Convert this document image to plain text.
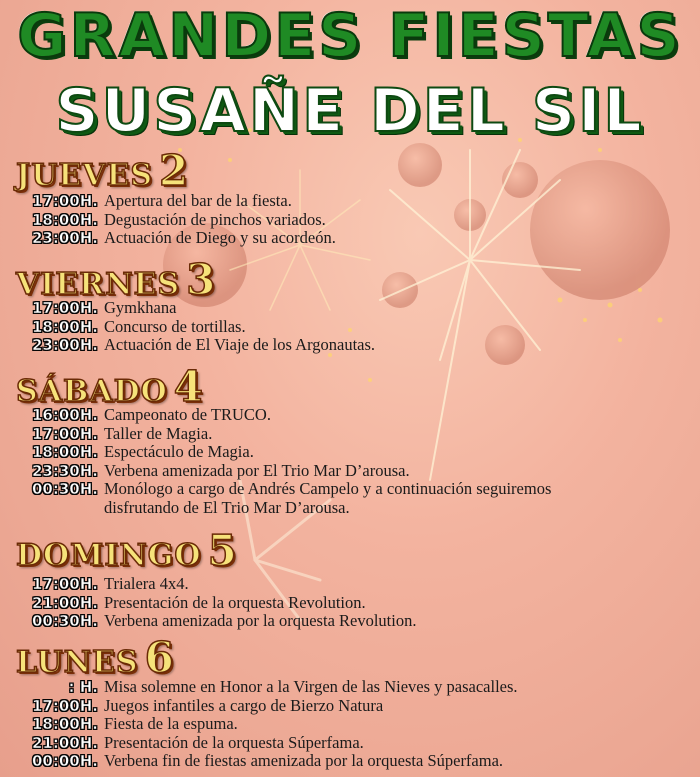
GRANDES FIESTAS
SUSAÑE DEL SIL
JUEVES 2
17:00H. Apertura del bar de la fiesta.
18:00H. Degustación de pinchos variados.
23:00H. Actuación de Diego y su acordeón.
VIERNES 3
17:00H. Gymkhana
18:00H. Concurso de tortillas.
23:00H. Actuación de El Viaje de los Argonautas.
SÁBADO 4
16:00H. Campeonato de TRUCO.
17:00H. Taller de Magia.
18:00H. Espectáculo de Magia.
23:30H. Verbena amenizada por El Trio Mar D’arousa.
00:30H. Monólogo a cargo de Andrés Campelo y a continuación seguiremos
disfrutando de El Trio Mar D’arousa.
DOMINGO 5
17:00H. Trialera 4x4.
21:00H. Presentación de la orquesta Revolution.
00:30H. Verbena amenizada por la orquesta Revolution.
LUNES 6
: H. Misa solemne en Honor a la Virgen de las Nieves y pasacalles.
17:00H. Juegos infantiles a cargo de Bierzo Natura
18:00H. Fiesta de la espuma.
21:00H. Presentación de la orquesta Súperfama.
00:00H. Verbena fin de fiestas amenizada por la orquesta Súperfama.
